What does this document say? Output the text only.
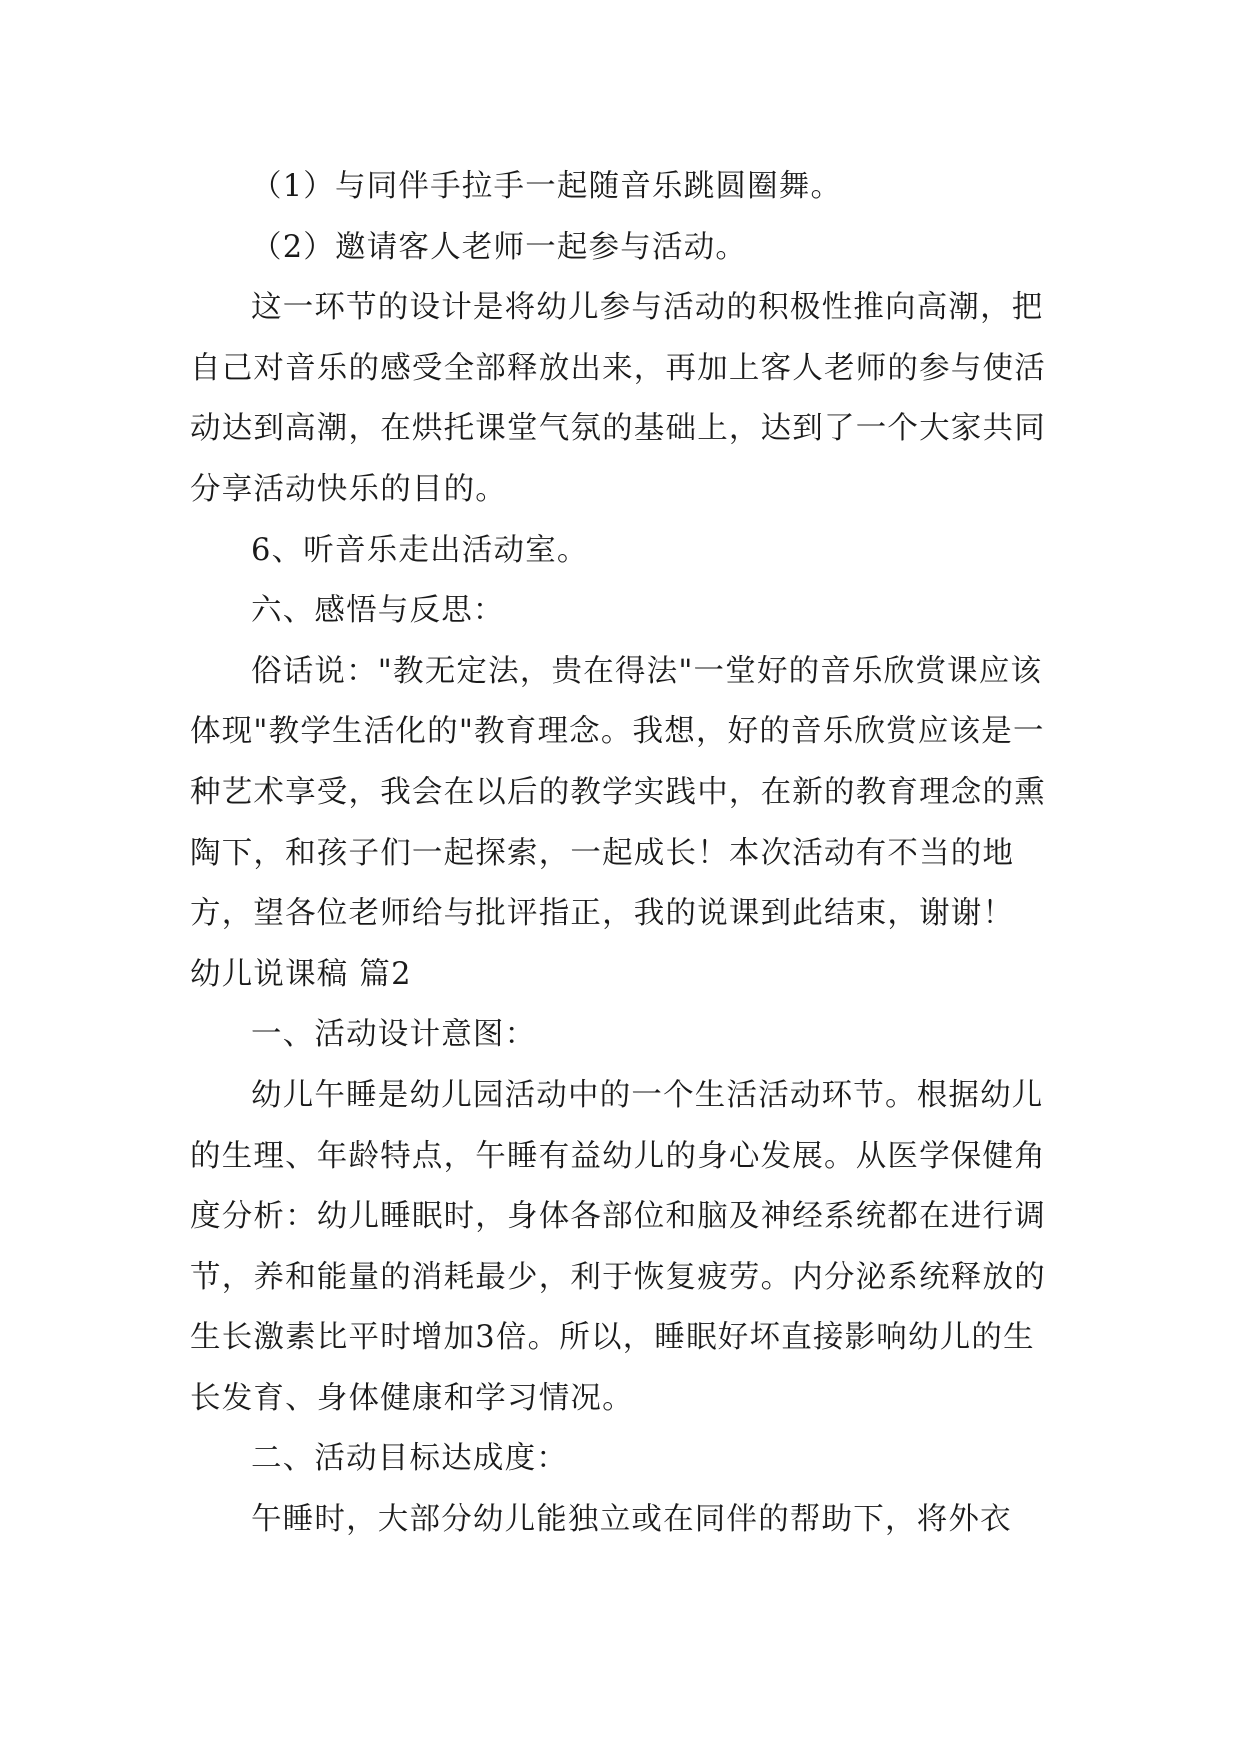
（1）与同伴手拉手一起随音乐跳圆圈舞。

（2）邀请客人老师一起参与活动。

这一环节的设计是将幼儿参与活动的积极性推向高潮，把自己对音乐的感受全部释放出来，再加上客人老师的参与使活动达到高潮，在烘托课堂气氛的基础上，达到了一个大家共同分享活动快乐的目的。

6、听音乐走出活动室。

六、感悟与反思：

俗话说："教无定法，贵在得法"一堂好的音乐欣赏课应该体现"教学生活化的"教育理念。我想，好的音乐欣赏应该是一种艺术享受，我会在以后的教学实践中，在新的教育理念的熏陶下，和孩子们一起探索，一起成长！本次活动有不当的地方，望各位老师给与批评指正，我的说课到此结束，谢谢！

幼儿说课稿 篇2

一、活动设计意图：

幼儿午睡是幼儿园活动中的一个生活活动环节。根据幼儿的生理、年龄特点，午睡有益幼儿的身心发展。从医学保健角度分析：幼儿睡眠时，身体各部位和脑及神经系统都在进行调节，养和能量的消耗最少，利于恢复疲劳。内分泌系统释放的生长激素比平时增加3倍。所以，睡眠好坏直接影响幼儿的生长发育、身体健康和学习情况。

二、活动目标达成度：

午睡时，大部分幼儿能独立或在同伴的帮助下，将外衣
